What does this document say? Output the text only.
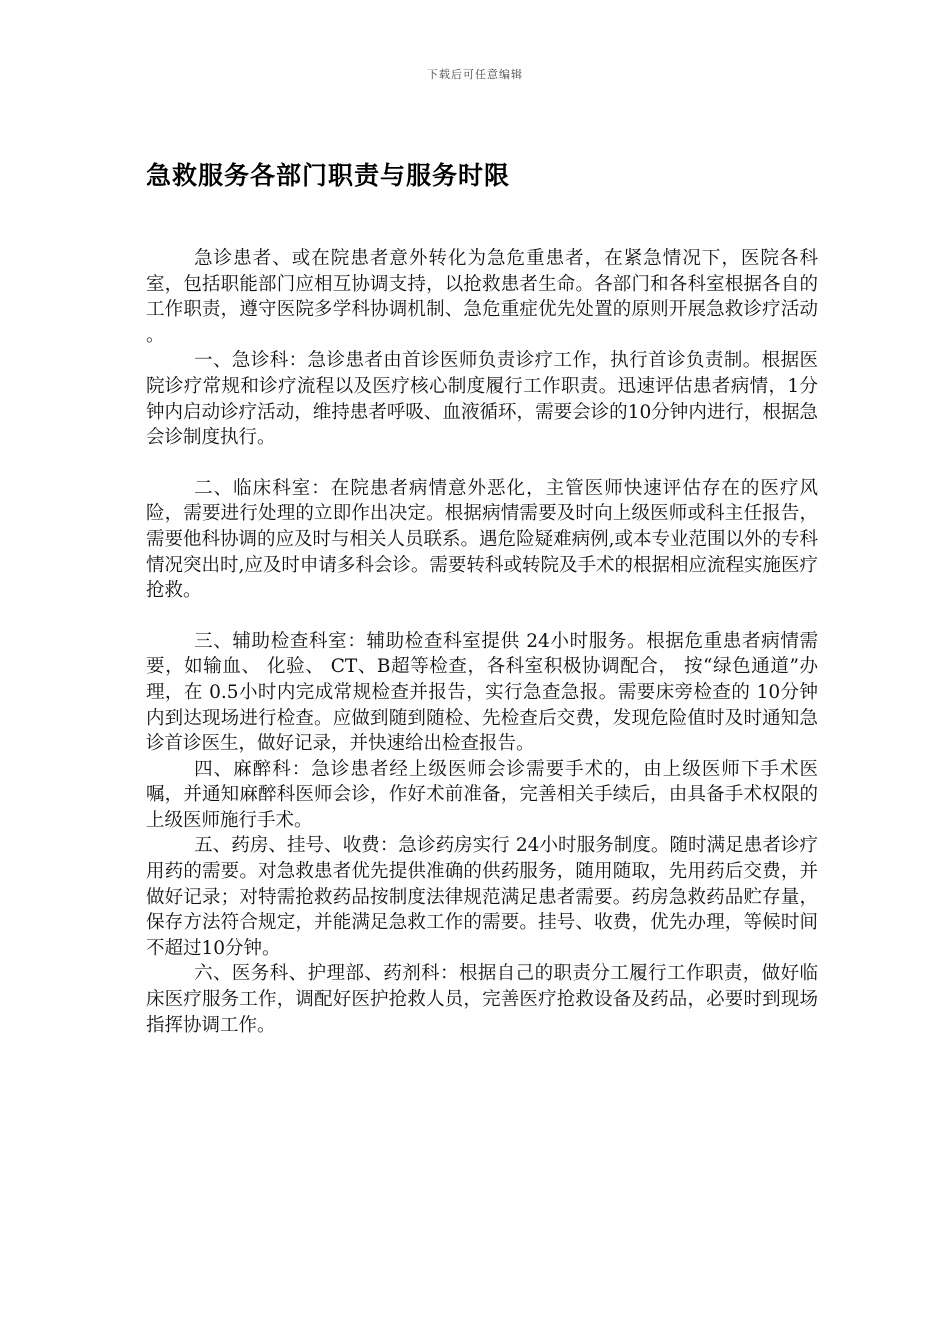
下载后可任意编辑
急救服务各部门职责与服务时限

急诊患者、或在院患者意外转化为急危重患者，在紧急情况下，医院各科室，包括职能部门应相互协调支持，以抢救患者生命。各部门和各科室根据各自的工作职责，遵守医院多学科协调机制、急危重症优先处置的原则开展急救诊疗活动 。

一、急诊科：急诊患者由首诊医师负责诊疗工作，执行首诊负责制。根据医院诊疗常规和诊疗流程以及医疗核心制度履行工作职责。迅速评估患者病情，1分钟内启动诊疗活动，维持患者呼吸、血液循环，需要会诊的10分钟内进行，根据急会诊制度执行。

二、临床科室：在院患者病情意外恶化，主管医师快速评估存在的医疗风险，需要进行处理的立即作出决定。根据病情需要及时向上级医师或科主任报告，需要他科协调的应及时与相关人员联系。遇危险疑难病例,或本专业范围以外的专科情况突出时,应及时申请多科会诊。需要转科或转院及手术的根据相应流程实施医疗抢救。

三、辅助检查科室：辅助检查科室提供 24小时服务。根据危重患者病情需要，如输血、 化验、 CT、B超等检查，各科室积极协调配合， 按“绿色通道”办理，在 0.5小时内完成常规检查并报告，实行急查急报。需要床旁检查的 10分钟内到达现场进行检查。应做到随到随检、先检查后交费，发现危险值时及时通知急诊首诊医生，做好记录，并快速给出检查报告。

四、麻醉科：急诊患者经上级医师会诊需要手术的，由上级医师下手术医嘱，并通知麻醉科医师会诊，作好术前准备，完善相关手续后，由具备手术权限的上级医师施行手术。

五、药房、挂号、收费：急诊药房实行 24小时服务制度。随时满足患者诊疗用药的需要。对急救患者优先提供准确的供药服务，随用随取，先用药后交费，并做好记录；对特需抢救药品按制度法律规范满足患者需要。药房急救药品贮存量，保存方法符合规定，并能满足急救工作的需要。挂号、收费，优先办理，等候时间不超过10分钟。

六、医务科、护理部、药剂科：根据自己的职责分工履行工作职责，做好临床医疗服务工作，调配好医护抢救人员，完善医疗抢救设备及药品，必要时到现场指挥协调工作。
